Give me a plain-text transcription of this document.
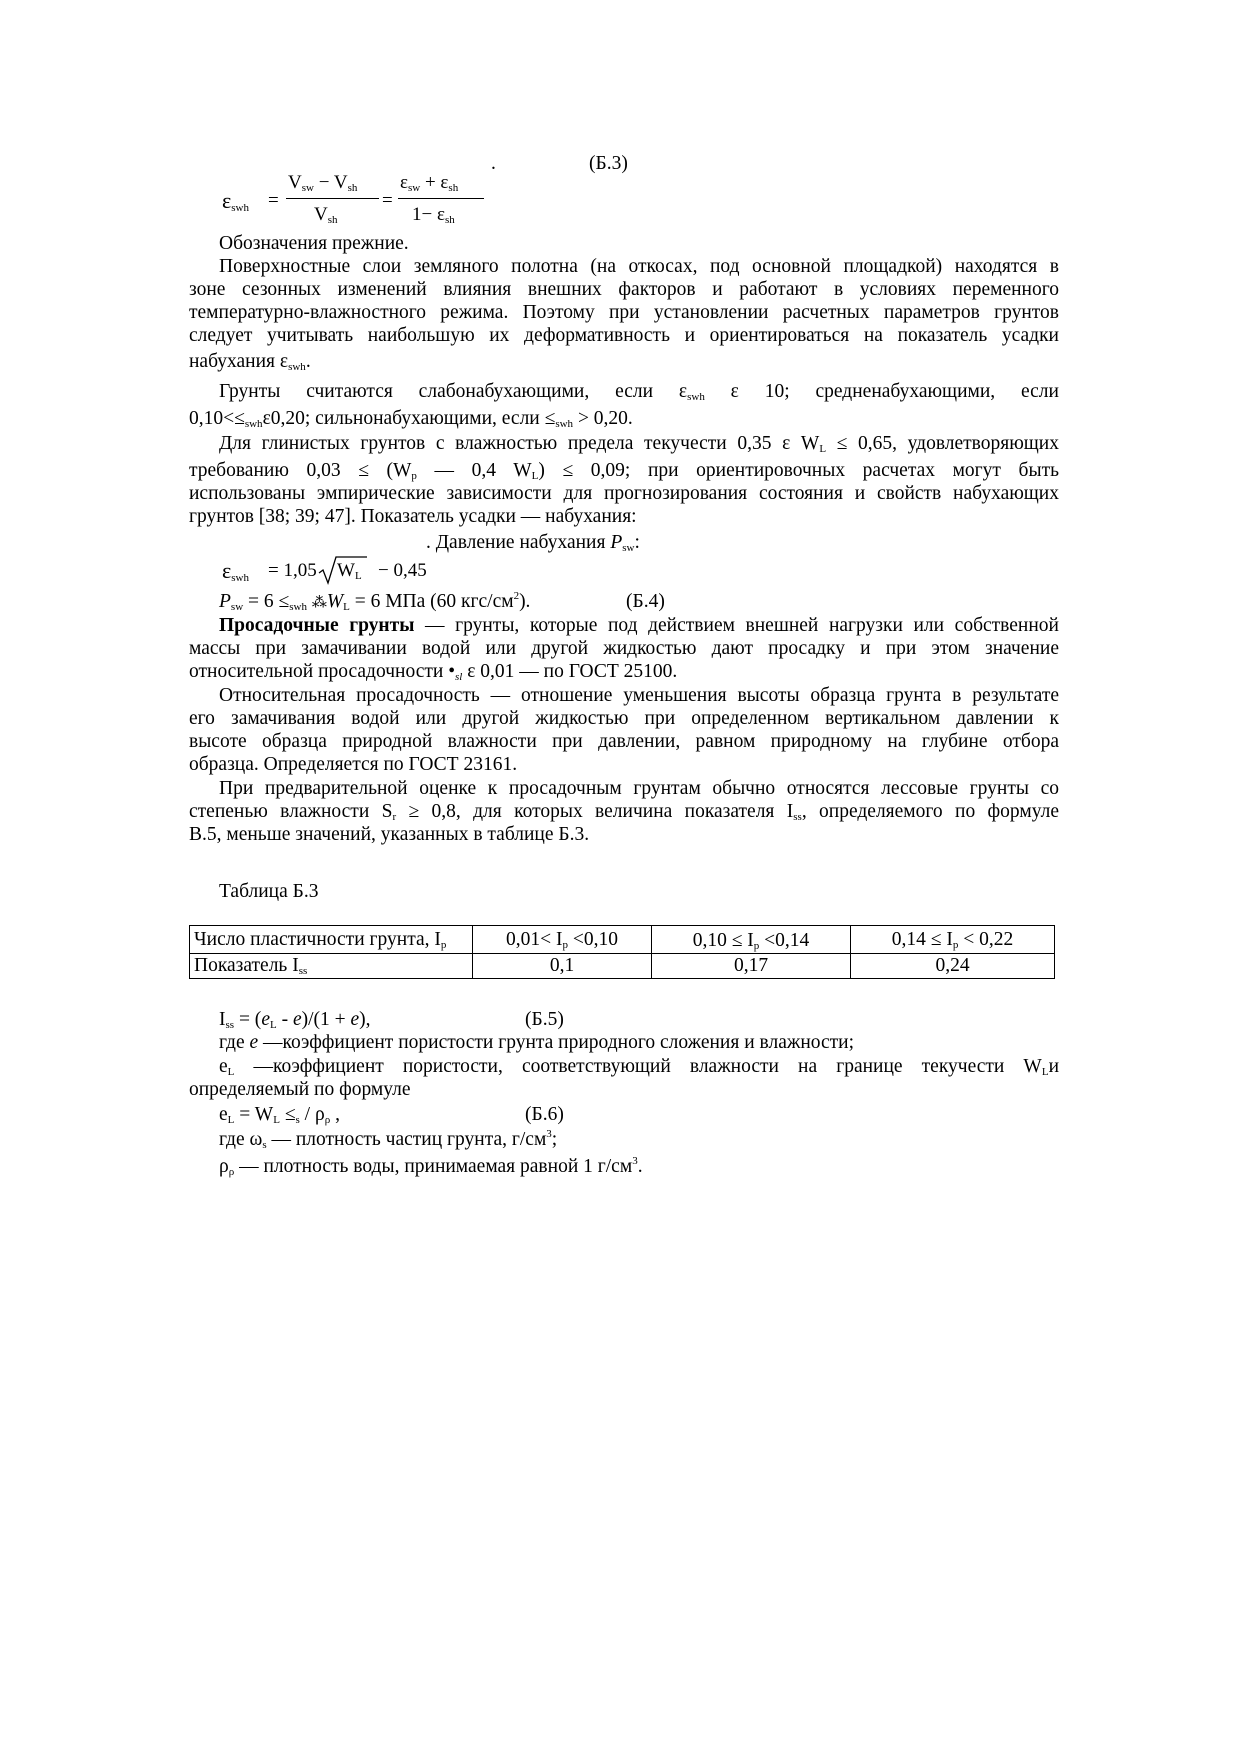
.	(Б.3)
$\varepsilon_{swh}$ =
$V_{sw} - V_{sh}$
$V_{sh}$
=
$\varepsilon_{sw} + \varepsilon_{sh}$
$1- \varepsilon_{sh}$
Обозначения прежние.
Поверхностные слои земляного полотна (на откосах, под основной площадкой) находятся в
зоне сезонных изменений влияния внешних факторов и работают в условиях переменного
температурно-влажностного режима. Поэтому при установлении расчетных параметров грунтов
следует учитывать наибольшую их деформативность и ориентироваться на показатель усадки
набухания $\varepsilon_{swh}$.
Грунты считаются слабонабухающими, если $\varepsilon_{swh}$ ε 10; средненабухающими, если
$0,10<\le_{swh}\varepsilon 0,20$; сильнонабухающими, если $\le_{swh} > 0,20$.
Для глинистых грунтов с влажностью предела текучести 0,35 ε $W_L \le 0,65$, удовлетворяющих
требованию $0,03 \le (W_p$ — 0,4 $W_L) \le 0,09$; при ориентировочных расчетах могут быть
использованы эмпирические зависимости для прогнозирования состояния и свойств набухающих
грунтов [38; 39; 47]. Показатель усадки — набухания:
. Давление набухания $P_{sw}$:
$\varepsilon_{swh} = 1,05$ $W_L - 0,45$
$P_{sw} = 6 \le_{swh}$ $⁂W_L = 6$ МПа (60 кгс/$см^2$).	(Б.4)
Просадочные грунты — грунты, которые под действием внешней нагрузки или собственной
массы при замачивании водой или другой жидкостью дают просадку и при этом значение
относительной просадочности $•_{sl}$ ε 0,01 — по ГОСТ 25100.
Относительная просадочность — отношение уменьшения высоты образца грунта в результате
его замачивания водой или другой жидкостью при определенном вертикальном давлении к
высоте образца природной влажности при давлении, равном природному на глубине отбора
образца. Определяется по ГОСТ 23161.
При предварительной оценке к просадочным грунтам обычно относятся лессовые грунты со
степенью влажности $S_r \ge 0,8$, для которых величина показателя $I_{ss}$, определяемого по формуле
В.5, меньше значений, указанных в таблице Б.3.
Таблица Б.3
Число пластичности грунта, $I_p$	$0,01< I_p <0,10$	$0,10 \le I_p <0,14$	$0,14 \le I_p < 0,22$
Показатель $I_{ss}$	0,1	0,17	0,24
$I_{ss} = (e_L - e)/(1 + e)$,	(Б.5)
где e —коэффициент пористости грунта природного сложения и влажности;
$e_L$ —коэффициент пористости, соответствующий влажности на границе текучести $W_Lи$
определяемый по формуле
$e_L = W_L \le_s / \rho_\rho$ ,	(Б.6)
где $\omega_s$ — плотность частиц грунта, $г/см^3$;
$\rho_\rho$ — плотность воды, принимаемая равной 1 $г/см^3$.
